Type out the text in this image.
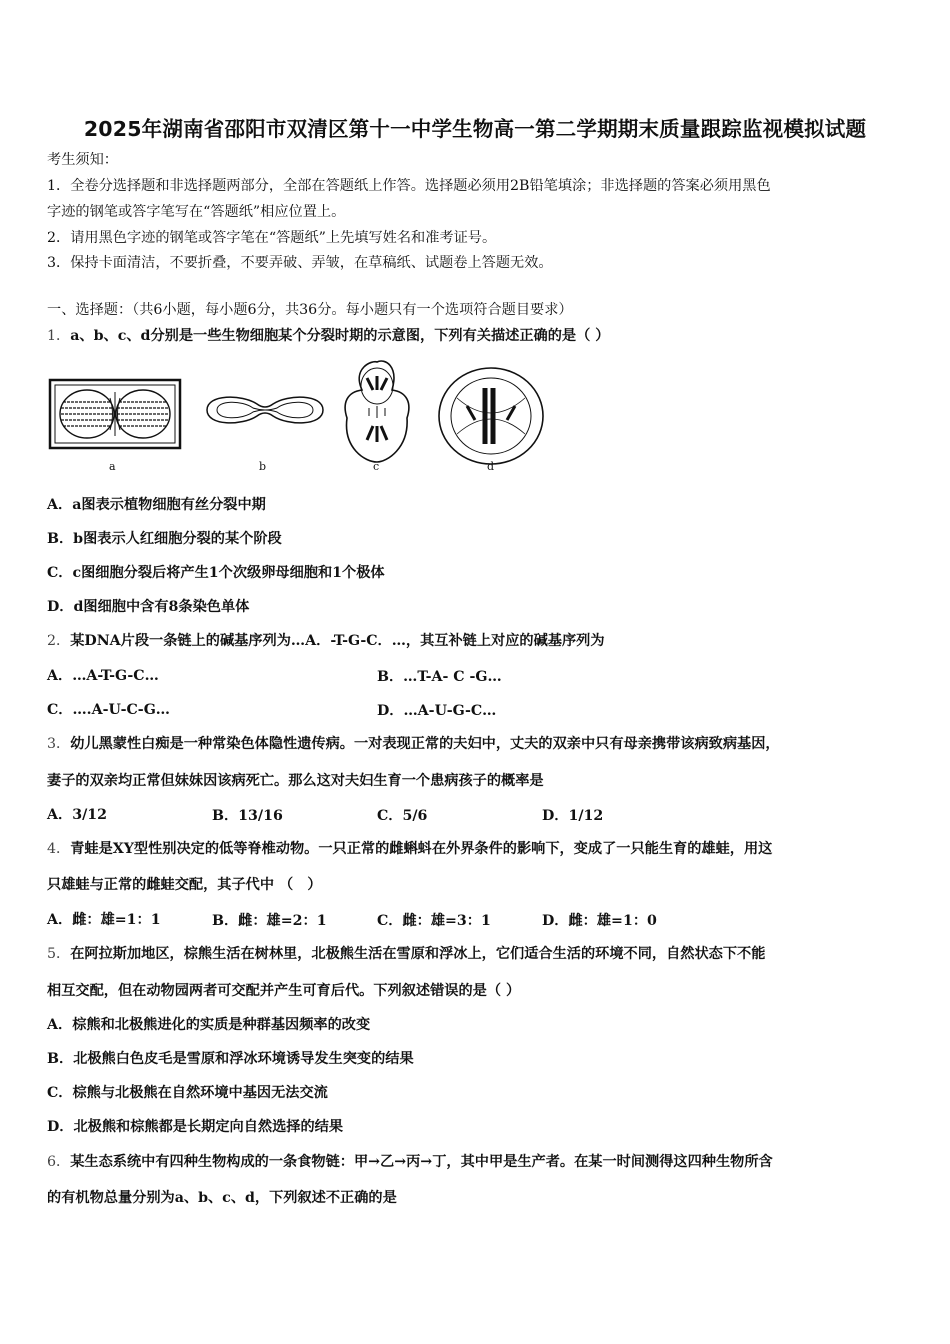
2025年湖南省邵阳市双清区第十一中学生物高一第二学期期末质量跟踪监视模拟试题
考生须知：
1．全卷分选择题和非选择题两部分，全部在答题纸上作答。选择题必须用2B铅笔填涂；非选择题的答案必须用黑色
字迹的钢笔或答字笔写在“答题纸”相应位置上。
2．请用黑色字迹的钢笔或答字笔在“答题纸”上先填写姓名和准考证号。
3．保持卡面清洁，不要折叠，不要弄破、弄皱，在草稿纸、试题卷上答题无效。
一、选择题：（共6小题，每小题6分，共36分。每小题只有一个选项符合题目要求）
1．a、b、c、d分别是一些生物细胞某个分裂时期的示意图，下列有关描述正确的是（ ）
a	b	c	d
A．a图表示植物细胞有丝分裂中期
B．b图表示人红细胞分裂的某个阶段
C．c图细胞分裂后将产生1个次级卵母细胞和1个极体
D．d图细胞中含有8条染色单体
2．某DNA片段一条链上的碱基序列为…A．-T-G-C．…，其互补链上对应的碱基序列为
A．…A-T-G-C…	B．…T-A- C -G…
C．….A-U-C-G…	D．…A-U-G-C…
3．幼儿黑蒙性白痴是一种常染色体隐性遗传病。一对表现正常的夫妇中，丈夫的双亲中只有母亲携带该病致病基因，
妻子的双亲均正常但妹妹因该病死亡。那么这对夫妇生育一个患病孩子的概率是
A．3/12	B．13/16	C．5/6	D．1/12
4．青蛙是XY型性别决定的低等脊椎动物。一只正常的雌蝌蚪在外界条件的影响下，变成了一只能生育的雄蛙，用这
只雄蛙与正常的雌蛙交配，其子代中 （　）
A．雌：雄=1：1	B．雌：雄=2：1	C．雌：雄=3：1	D．雌：雄=1：0
5．在阿拉斯加地区，棕熊生活在树林里，北极熊生活在雪原和浮冰上，它们适合生活的环境不同，自然状态下不能
相互交配，但在动物园两者可交配并产生可育后代。下列叙述错误的是（ ）
A．棕熊和北极熊进化的实质是种群基因频率的改变
B．北极熊白色皮毛是雪原和浮冰环境诱导发生突变的结果
C．棕熊与北极熊在自然环境中基因无法交流
D．北极熊和棕熊都是长期定向自然选择的结果
6．某生态系统中有四种生物构成的一条食物链：甲→乙→丙→丁，其中甲是生产者。在某一时间测得这四种生物所含
的有机物总量分别为a、b、c、d，下列叙述不正确的是
